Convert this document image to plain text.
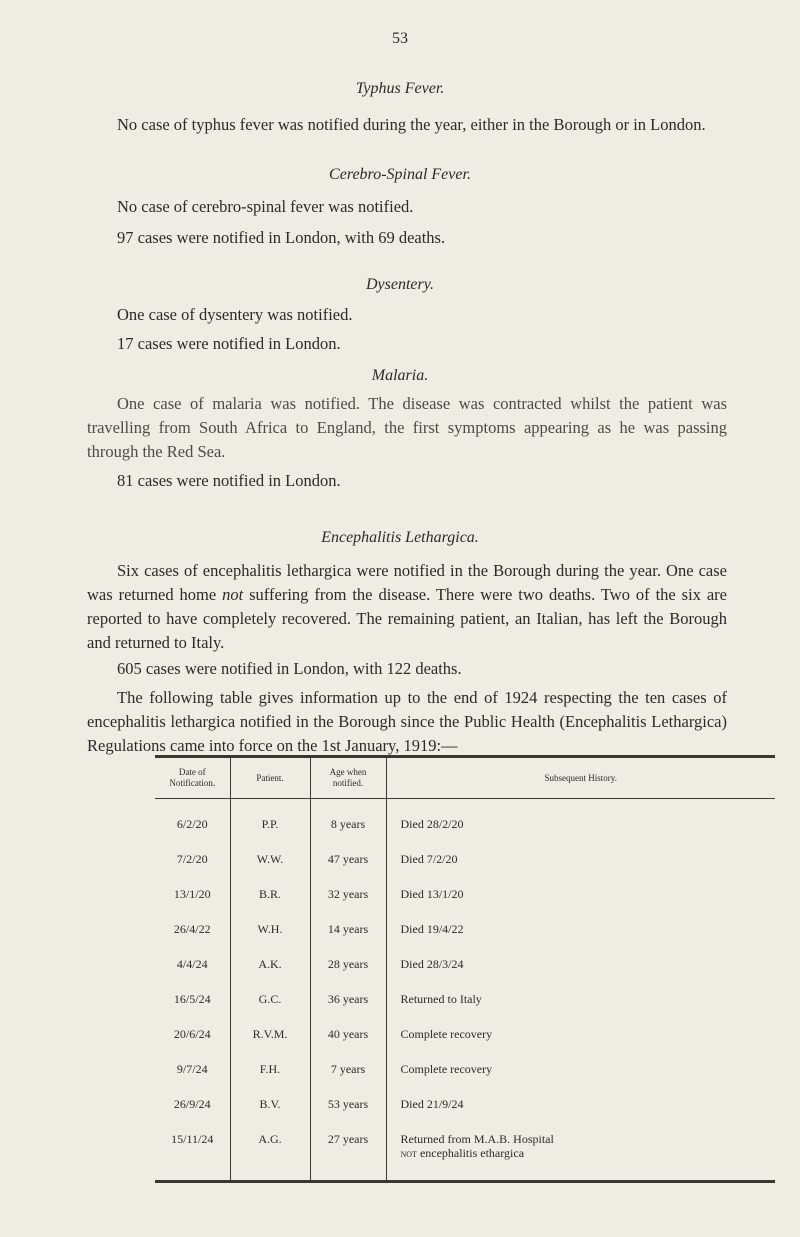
53
Typhus Fever.

No case of typhus fever was notified during the year, either in the Borough or in London.

Cerebro-Spinal Fever.

No case of cerebro-spinal fever was notified.

97 cases were notified in London, with 69 deaths.

Dysentery.

One case of dysentery was notified.

17 cases were notified in London.

Malaria.

One case of malaria was notified. The disease was contracted whilst the patient was travelling from South Africa to England, the first symptoms appearing as he was passing through the Red Sea.

81 cases were notified in London.

Encephalitis Lethargica.

Six cases of encephalitis lethargica were notified in the Borough during the year. One case was returned home not suffering from the disease. There were two deaths. Two of the six are reported to have completely recovered. The remaining patient, an Italian, has left the Borough and returned to Italy.

605 cases were notified in London, with 122 deaths.

The following table gives information up to the end of 1924 respecting the ten cases of encephalitis lethargica notified in the Borough since the Public Health (Encephalitis Lethargica) Regulations came into force on the 1st January, 1919:—

Date of Notification.	Patient.	Age when notified.	Subsequent History.
6/2/20	P.P.	8 years	Died 28/2/20
7/2/20	W.W.	47 years	Died 7/2/20
13/1/20	B.R.	32 years	Died 13/1/20
26/4/22	W.H.	14 years	Died 19/4/22
4/4/24	A.K.	28 years	Died 28/3/24
16/5/24	G.C.	36 years	Returned to Italy
20/6/24	R.V.M.	40 years	Complete recovery
9/7/24	F.H.	7 years	Complete recovery
26/9/24	B.V.	53 years	Died 21/9/24
15/11/24	A.G.	27 years	Returned from M.A.B. Hospital
not encephalitis ethargica
